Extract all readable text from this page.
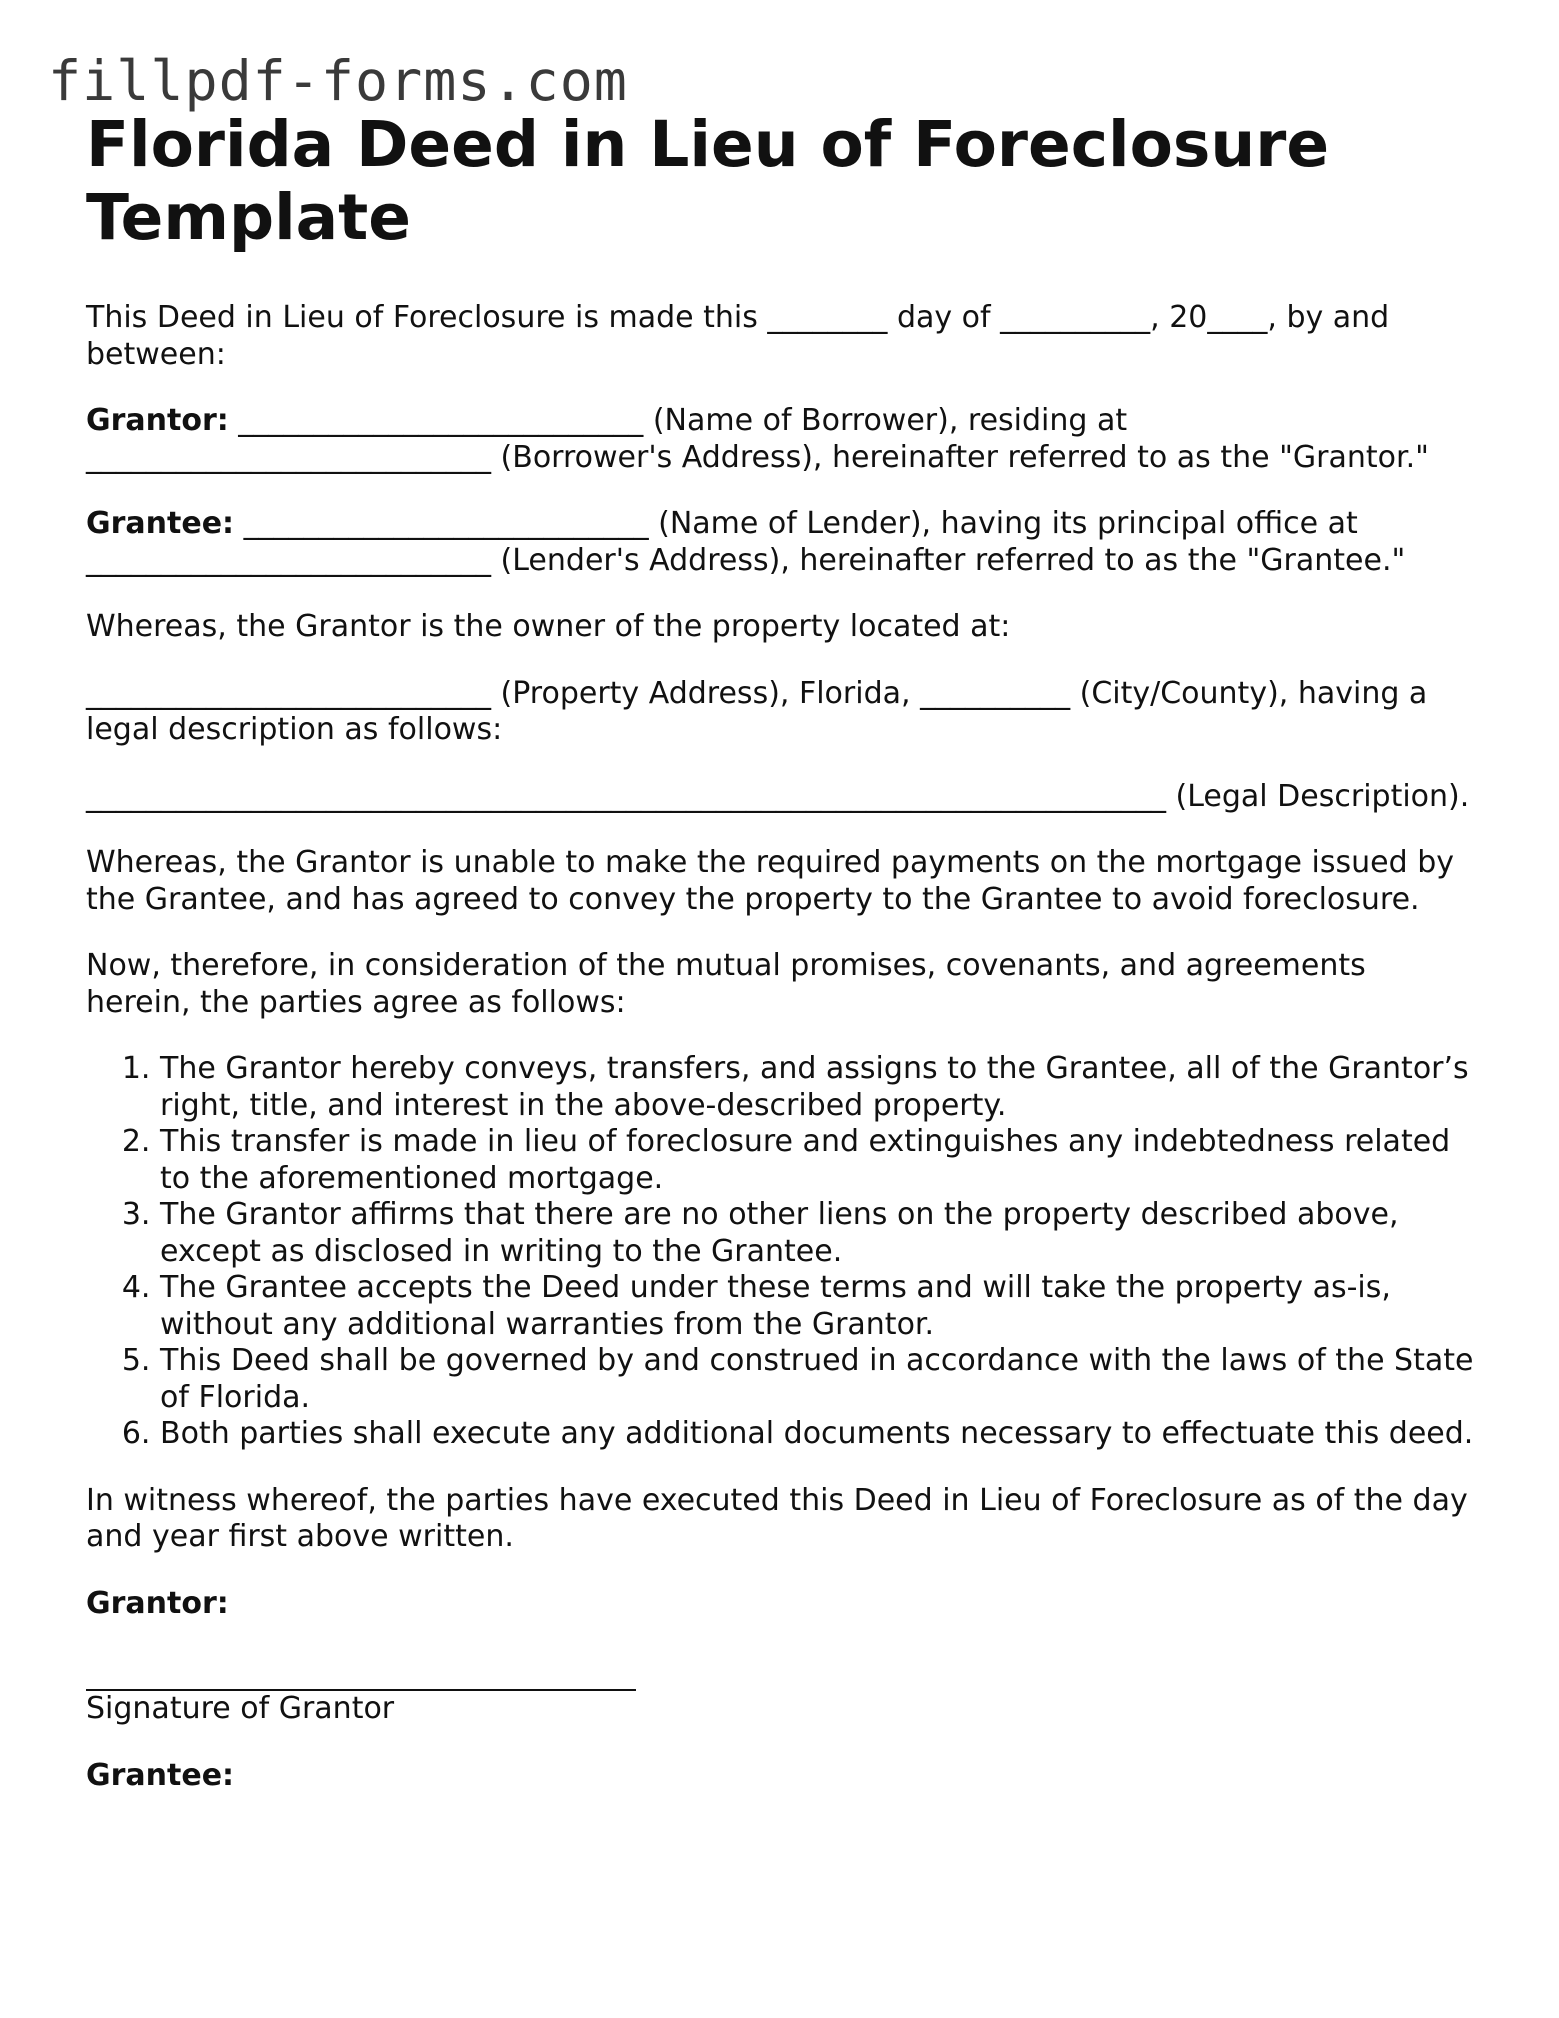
fillpdf-forms.com
Florida Deed in Lieu of Foreclosure Template

This Deed in Lieu of Foreclosure is made this ________ day of __________, 20____, by and between:

Grantor: ___________________________ (Name of Borrower), residing at ___________________________ (Borrower's Address), hereinafter referred to as the "Grantor."

Grantee: ___________________________ (Name of Lender), having its principal office at ___________________________ (Lender's Address), hereinafter referred to as the "Grantee."

Whereas, the Grantor is the owner of the property located at:

___________________________ (Property Address), Florida, __________ (City/County), having a legal description as follows:

________________________________________________________________________ (Legal Description).

Whereas, the Grantor is unable to make the required payments on the mortgage issued by the Grantee, and has agreed to convey the property to the Grantee to avoid foreclosure.

Now, therefore, in consideration of the mutual promises, covenants, and agreements herein, the parties agree as follows:

1. The Grantor hereby conveys, transfers, and assigns to the Grantee, all of the Grantor’s right, title, and interest in the above-described property.
2. This transfer is made in lieu of foreclosure and extinguishes any indebtedness related to the aforementioned mortgage.
3. The Grantor affirms that there are no other liens on the property described above, except as disclosed in writing to the Grantee.
4. The Grantee accepts the Deed under these terms and will take the property as-is, without any additional warranties from the Grantor.
5. This Deed shall be governed by and construed in accordance with the laws of the State of Florida.
6. Both parties shall execute any additional documents necessary to effectuate this deed.

In witness whereof, the parties have executed this Deed in Lieu of Foreclosure as of the day and year first above written.

Grantor:

Signature of Grantor

Grantee:
